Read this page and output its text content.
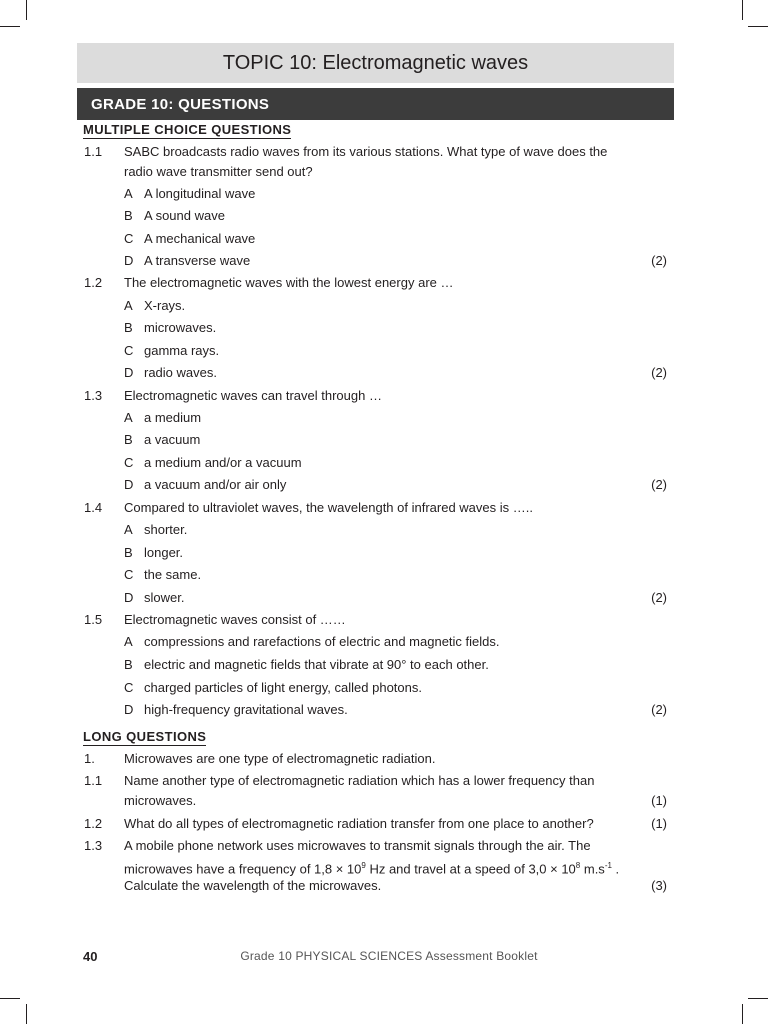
TOPIC 10: Electromagnetic waves
GRADE 10: QUESTIONS
MULTIPLE CHOICE QUESTIONS
1.1 SABC broadcasts radio waves from its various stations. What type of wave does the
radio wave transmitter send out?
A A longitudinal wave
B A sound wave
C A mechanical wave
D A transverse wave	(2)
1.2 The electromagnetic waves with the lowest energy are …
A X-rays.
B microwaves.
C gamma rays.
D radio waves.	(2)
1.3 Electromagnetic waves can travel through …
A a medium
B a vacuum
C a medium and/or a vacuum
D a vacuum and/or air only	(2)
1.4 Compared to ultraviolet waves, the wavelength of infrared waves is …..
A shorter.
B longer.
C the same.
D slower.	(2)
1.5 Electromagnetic waves consist of ……
A compressions and rarefactions of electric and magnetic fields.
B electric and magnetic fields that vibrate at 90° to each other.
C charged particles of light energy, called photons.
D high-frequency gravitational waves.	(2)
LONG QUESTIONS
1. Microwaves are one type of electromagnetic radiation.
1.1 Name another type of electromagnetic radiation which has a lower frequency than
microwaves.	(1)
1.2 What do all types of electromagnetic radiation transfer from one place to another?	(1)
1.3 A mobile phone network uses microwaves to transmit signals through the air. The
microwaves have a frequency of $1,8 \times 10^9$ Hz and travel at a speed of $3,0 \times 10^8$ $m.s^{-1}$ .
Calculate the wavelength of the microwaves.	(3)
40	Grade 10 PHYSICAL SCIENCES Assessment Booklet
